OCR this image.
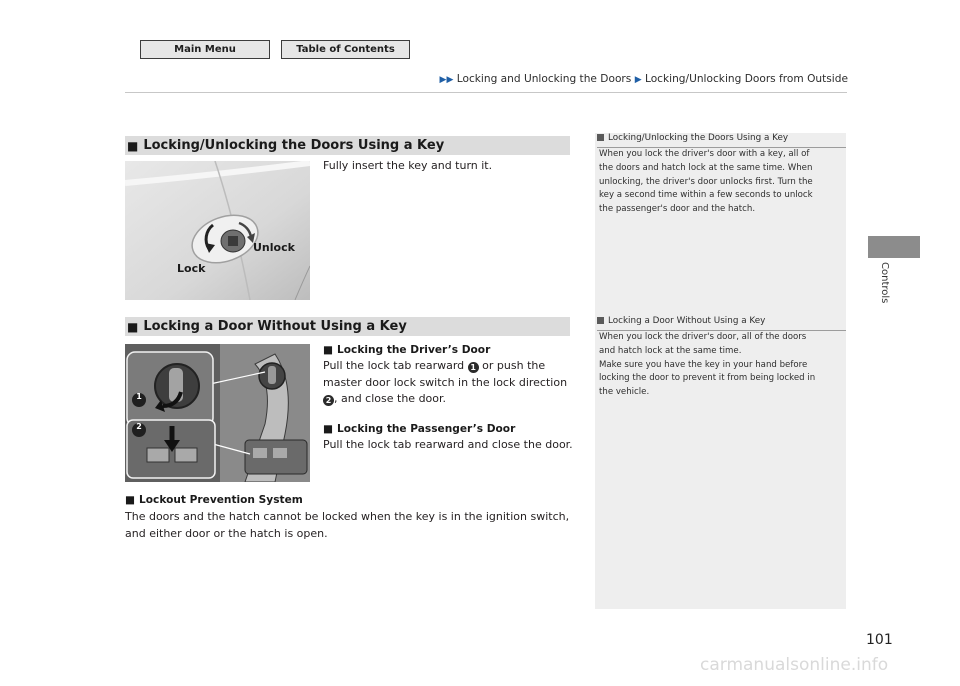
Main Menu	Table of Contents
▶▶ Locking and Unlocking the Doors ▶ Locking/Unlocking Doors from Outside
Controls
101
■ Locking/Unlocking the Doors Using a Key
Unlock
Lock
Fully insert the key and turn it.
■ Locking a Door Without Using a Key
1
2
■ Locking the Driver’s Door
Pull the lock tab rearward 1 or push the
master door lock switch in the lock direction
2 , and close the door.
■ Locking the Passenger’s Door
Pull the lock tab rearward and close the door.
■ Lockout Prevention System
The doors and the hatch cannot be locked when the key is in the ignition switch,
and either door or the hatch is open.
Locking/Unlocking the Doors Using a Key
When you lock the driver's door with a key, all of
the doors and hatch lock at the same time. When
unlocking, the driver's door unlocks first. Turn the
key a second time within a few seconds to unlock
the passenger's door and the hatch.
Locking a Door Without Using a Key
When you lock the driver's door, all of the doors
and hatch lock at the same time.
Make sure you have the key in your hand before
locking the door to prevent it from being locked in
the vehicle.
carmanualsonline.info
